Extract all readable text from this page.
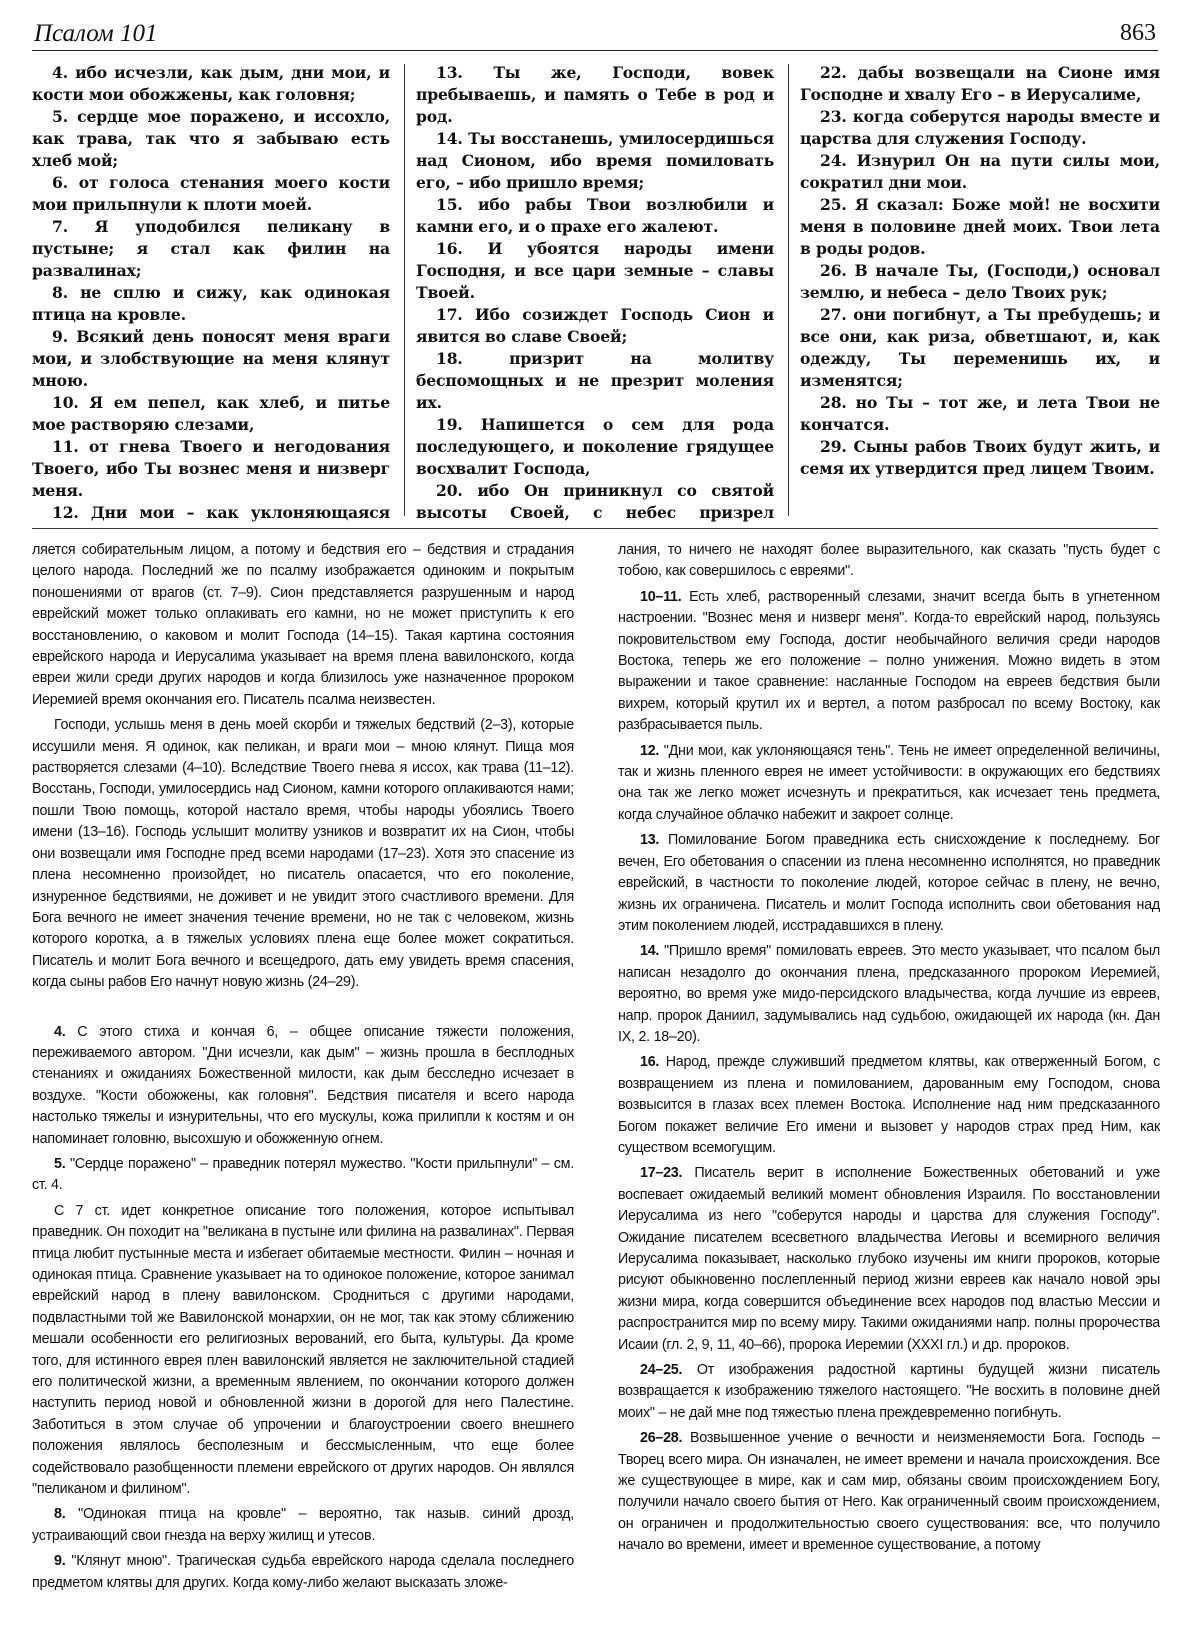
Псалом 101	863

4. ибо исчезли, как дым, дни мои, и кости мои обожжены, как головня;

5. сердце мое поражено, и иссохло, как трава, так что я забываю есть хлеб мой;

6. от голоса стенания моего кости мои прильпнули к плоти моей.

7. Я уподобился пеликану в пустыне; я стал как филин на развалинах;

8. не сплю и сижу, как одинокая птица на кровле.

9. Всякий день поносят меня враги мои, и злобствующие на меня клянут мною.

10. Я ем пепел, как хлеб, и питье мое растворяю слезами,

11. от гнева Твоего и негодования Твоего, ибо Ты вознес меня и низверг меня.

12. Дни мои – как уклоняющаяся

13. Ты же, Господи, вовек пребываешь, и память о Тебе в род и род.

14. Ты восстанешь, умилосердишься над Сионом, ибо время помиловать его, – ибо пришло время;

15. ибо рабы Твои возлюбили и камни его, и о прахе его жалеют.

16. И убоятся народы имени Господня, и все цари земные – славы Твоей.

17. Ибо созиждет Господь Сион и явится во славе Своей;

18. призрит на молитву беспомощных и не презрит моления их.

19. Напишется о сем для рода последующего, и поколение грядущее восхвалит Господа,

20. ибо Он приникнул со святой высоты Своей, с небес призрел

22. дабы возвещали на Сионе имя Господне и хвалу Его – в Иерусалиме,

23. когда соберутся народы вместе и царства для служения Господу.

24. Изнурил Он на пути силы мои, сократил дни мои.

25. Я сказал: Боже мой! не восхити меня в половине дней моих. Твои лета в роды родов.

26. В начале Ты, (Господи,) основал землю, и небеса – дело Твоих рук;

27. они погибнут, а Ты пребудешь; и все они, как риза, обветшают, и, как одежду, Ты переменишь их, и изменятся;

28. но Ты – тот же, и лета Твои не кончатся.

29. Сыны рабов Твоих будут жить, и семя их утвердится пред лицем Твоим.

ляется собирательным лицом, а потому и бедствия его – бедствия и страдания целого народа. Последний же по псалму изображается одиноким и покрытым поношениями от врагов (ст. 7–9). Сион представляется разрушенным и народ еврейский может только оплакивать его камни, но не может приступить к его восстановлению, о каковом и молит Господа (14–15). Такая картина состояния еврейского народа и Иерусалима указывает на время плена вавилонского, когда евреи жили среди других народов и когда близилось уже назначенное пророком Иеремией время окончания его. Писатель псалма неизвестен.

Господи, услышь меня в день моей скорби и тяжелых бедствий (2–3), которые иссушили меня. Я одинок, как пеликан, и враги мои – мною клянут. Пища моя растворяется слезами (4–10). Вследствие Твоего гнева я иссох, как трава (11–12). Восстань, Господи, умилосердись над Сионом, камни которого оплакиваются нами; пошли Твою помощь, которой настало время, чтобы народы убоялись Твоего имени (13–16). Господь услышит молитву узников и возвратит их на Сион, чтобы они возвещали имя Господне пред всеми народами (17–23). Хотя это спасение из плена несомненно произойдет, но писатель опасается, что его поколение, изнуренное бедствиями, не доживет и не увидит этого счастливого времени. Для Бога вечного не имеет значения течение времени, но не так с человеком, жизнь которого коротка, а в тяжелых условиях плена еще более может сократиться. Писатель и молит Бога вечного и всещедрого, дать ему увидеть время спасения, когда сыны рабов Его начнут новую жизнь (24–29).

4. С этого стиха и кончая 6, – общее описание тяжести положения, переживаемого автором. "Дни исчезли, как дым" – жизнь прошла в бесплодных стенаниях и ожиданиях Божественной милости, как дым бесследно исчезает в воздухе. "Кости обожжены, как головня". Бедствия писателя и всего народа настолько тяжелы и изнурительны, что его мускулы, кожа прилипли к костям и он напоминает головню, высохшую и обожженную огнем.

5. "Сердце поражено" – праведник потерял мужество. "Кости прильпнули" – см. ст. 4.

С 7 ст. идет конкретное описание того положения, которое испытывал праведник. Он походит на "великана в пустыне или филина на развалинах". Первая птица любит пустынные места и избегает обитаемые местности. Филин – ночная и одинокая птица. Сравнение указывает на то одинокое положение, которое занимал еврейский народ в плену вавилонском. Сродниться с другими народами, подвластными той же Вавилонской монархии, он не мог, так как этому сближению мешали особенности его религиозных верований, его быта, культуры. Да кроме того, для истинного еврея плен вавилонский является не заключительной стадией его политической жизни, а временным явлением, по окончании которого должен наступить период новой и обновленной жизни в дорогой для него Палестине. Заботиться в этом случае об упрочении и благоустроении своего внешнего положения являлось бесполезным и бессмысленным, что еще более содействовало разобщенности племени еврейского от других народов. Он являлся "пеликаном и филином".

8. "Одинокая птица на кровле" – вероятно, так назыв. синий дрозд, устраивающий свои гнезда на верху жилищ и утесов.

9. "Клянут мною". Трагическая судьба еврейского народа сделала последнего предметом клятвы для других. Когда кому-либо желают высказать зложе-

лания, то ничего не находят более выразительного, как сказать "пусть будет с тобою, как совершилось с евреями".

10–11. Есть хлеб, растворенный слезами, значит всегда быть в угнетенном настроении. "Вознес меня и низверг меня". Когда-то еврейский народ, пользуясь покровительством ему Господа, достиг необычайного величия среди народов Востока, теперь же его положение – полно унижения. Можно видеть в этом выражении и такое сравнение: насланные Господом на евреев бедствия были вихрем, который крутил их и вертел, а потом разбросал по всему Востоку, как разбрасывается пыль.

12. "Дни мои, как уклоняющаяся тень". Тень не имеет определенной величины, так и жизнь пленного еврея не имеет устойчивости: в окружающих его бедствиях она так же легко может исчезнуть и прекратиться, как исчезает тень предмета, когда случайное облачко набежит и закроет солнце.

13. Помилование Богом праведника есть снисхождение к последнему. Бог вечен, Его обетования о спасении из плена несомненно исполнятся, но праведник еврейский, в частности то поколение людей, которое сейчас в плену, не вечно, жизнь их ограничена. Писатель и молит Господа исполнить свои обетования над этим поколением людей, исстрадавшихся в плену.

14. "Пришло время" помиловать евреев. Это место указывает, что псалом был написан незадолго до окончания плена, предсказанного пророком Иеремией, вероятно, во время уже мидо-персидского владычества, когда лучшие из евреев, напр. пророк Даниил, задумывались над судьбою, ожидающей их народа (кн. Дан IX, 2. 18–20).

16. Народ, прежде служивший предметом клятвы, как отверженный Богом, с возвращением из плена и помилованием, дарованным ему Господом, снова возвысится в глазах всех племен Востока. Исполнение над ним предсказанного Богом покажет величие Его имени и вызовет у народов страх пред Ним, как существом всемогущим.

17–23. Писатель верит в исполнение Божественных обетований и уже воспевает ожидаемый великий момент обновления Израиля. По восстановлении Иерусалима из него "соберутся народы и царства для служения Господу". Ожидание писателем всесветного владычества Иеговы и всемирного величия Иерусалима показывает, насколько глубоко изучены им книги пророков, которые рисуют обыкновенно послепленный период жизни евреев как начало новой эры жизни мира, когда совершится объединение всех народов под властью Мессии и распространится мир по всему миру. Такими ожиданиями напр. полны пророчества Исаии (гл. 2, 9, 11, 40–66), пророка Иеремии (XXXI гл.) и др. пророков.

24–25. От изображения радостной картины будущей жизни писатель возвращается к изображению тяжелого настоящего. "Не восхить в половине дней моих" – не дай мне под тяжестью плена преждевременно погибнуть.

26–28. Возвышенное учение о вечности и неизменяемости Бога. Господь – Творец всего мира. Он изначален, не имеет времени и начала происхождения. Все же существующее в мире, как и сам мир, обязаны своим происхождением Богу, получили начало своего бытия от Него. Как ограниченный своим происхождением, он ограничен и продолжительностью своего существования: все, что получило начало во времени, имеет и временное существование, а потому
